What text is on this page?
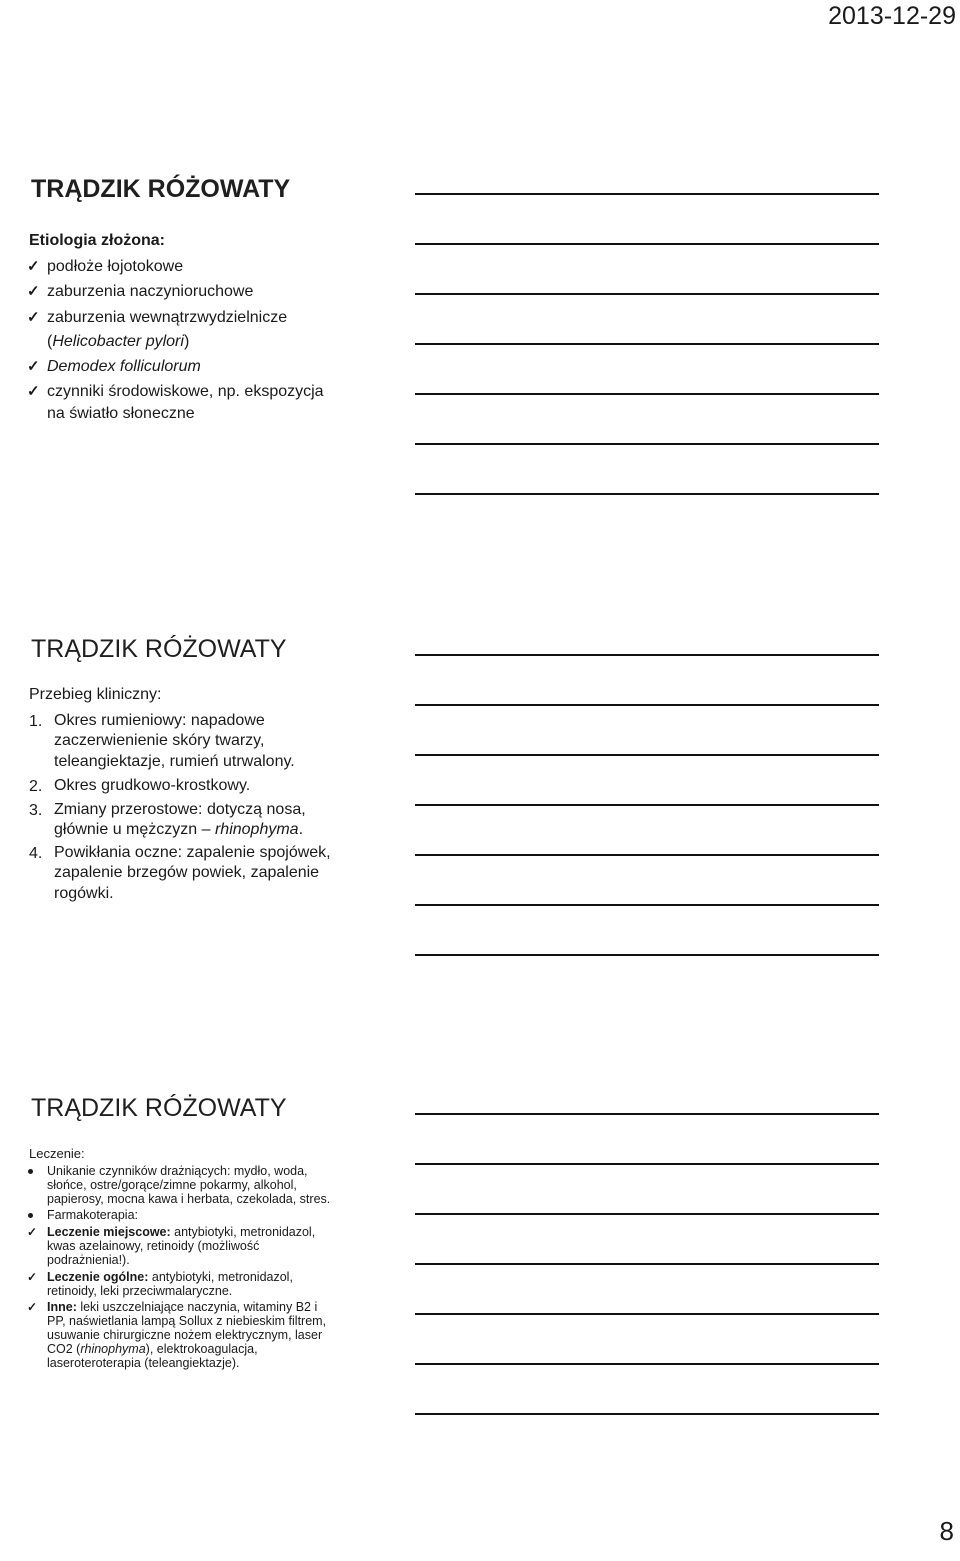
2013-12-29
TRĄDZIK RÓŻOWATY
Etiologia złożona:
✓ podłoże łojotokowe
✓ zaburzenia naczynioruchowe
✓ zaburzenia wewnątrzwydzielnicze
(Helicobacter pylori)
✓ Demodex folliculorum
✓ czynniki środowiskowe, np. ekspozycja
na światło słoneczne
TRĄDZIK RÓŻOWATY
Przebieg kliniczny:
1. Okres rumieniowy: napadowe
zaczerwienienie skóry twarzy,
teleangiektazje, rumień utrwalony.
2. Okres grudkowo-krostkowy.
3. Zmiany przerostowe: dotyczą nosa,
głównie u mężczyzn – rhinophyma.
4. Powikłania oczne: zapalenie spojówek,
zapalenie brzegów powiek, zapalenie
rogówki.
TRĄDZIK RÓŻOWATY
Leczenie:
Unikanie czynników drażniących: mydło, woda, słońce, ostre/gorące/zimne pokarmy, alkohol, papierosy, mocna kawa i herbata, czekolada, stres.
Farmakoterapia:
✓ Leczenie miejscowe: antybiotyki, metronidazol, kwas azelainowy, retinoidy (możliwość podrażnienia!).
✓ Leczenie ogólne: antybiotyki, metronidazol, retinoidy, leki przeciwmalaryczne.
✓ Inne: leki uszczelniające naczynia, witaminy B2 i PP, naświetlania lampą Sollux z niebieskim filtrem, usuwanie chirurgiczne nożem elektrycznym, laser CO2 (rhinophyma), elektrokoagulacja, laseroteroterapia (teleangiektazje).
8
